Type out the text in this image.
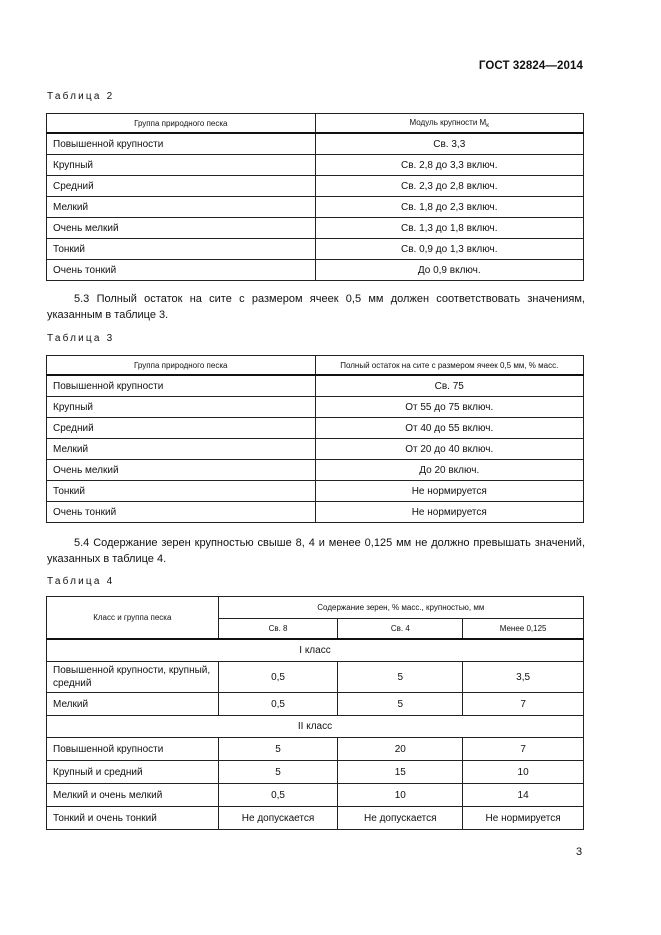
ГОСТ 32824—2014
Таблица 2
Группа природного песка	Модуль крупности $М_к$
Повышенной крупности	Св. 3,3
Крупный	Св. 2,8 до 3,3 включ.
Средний	Св. 2,3 до 2,8 включ.
Мелкий	Св. 1,8 до 2,3 включ.
Очень мелкий	Св. 1,3 до 1,8 включ.
Тонкий	Св. 0,9 до 1,3 включ.
Очень тонкий	До 0,9 включ.

5.3 Полный остаток на сите с размером ячеек 0,5 мм должен соответствовать значениям, указанным в таблице 3.

Таблица 3
Группа природного песка	Полный остаток на сите с размером ячеек 0,5 мм, % масс.
Повышенной крупности	Св. 75
Крупный	От 55 до 75 включ.
Средний	От 40 до 55 включ.
Мелкий	От 20 до 40 включ.
Очень мелкий	До 20 включ.
Тонкий	Не нормируется
Очень тонкий	Не нормируется

5.4 Содержание зерен крупностью свыше 8, 4 и менее 0,125 мм не должно превышать значений, указанных в таблице 4.

Таблица 4
Класс и группа песка	Содержание зерен, % масс., крупностью, мм		
	Св. 8	Св. 4	Менее 0,125
I класс			
Повышенной крупности, крупный, средний	0,5	5	3,5
Мелкий	0,5	5	7
II класс			
Повышенной крупности	5	20	7
Крупный и средний	5	15	10
Мелкий и очень мелкий	0,5	10	14
Тонкий и очень тонкий	Не допускается	Не допускается	Не нормируется
3
